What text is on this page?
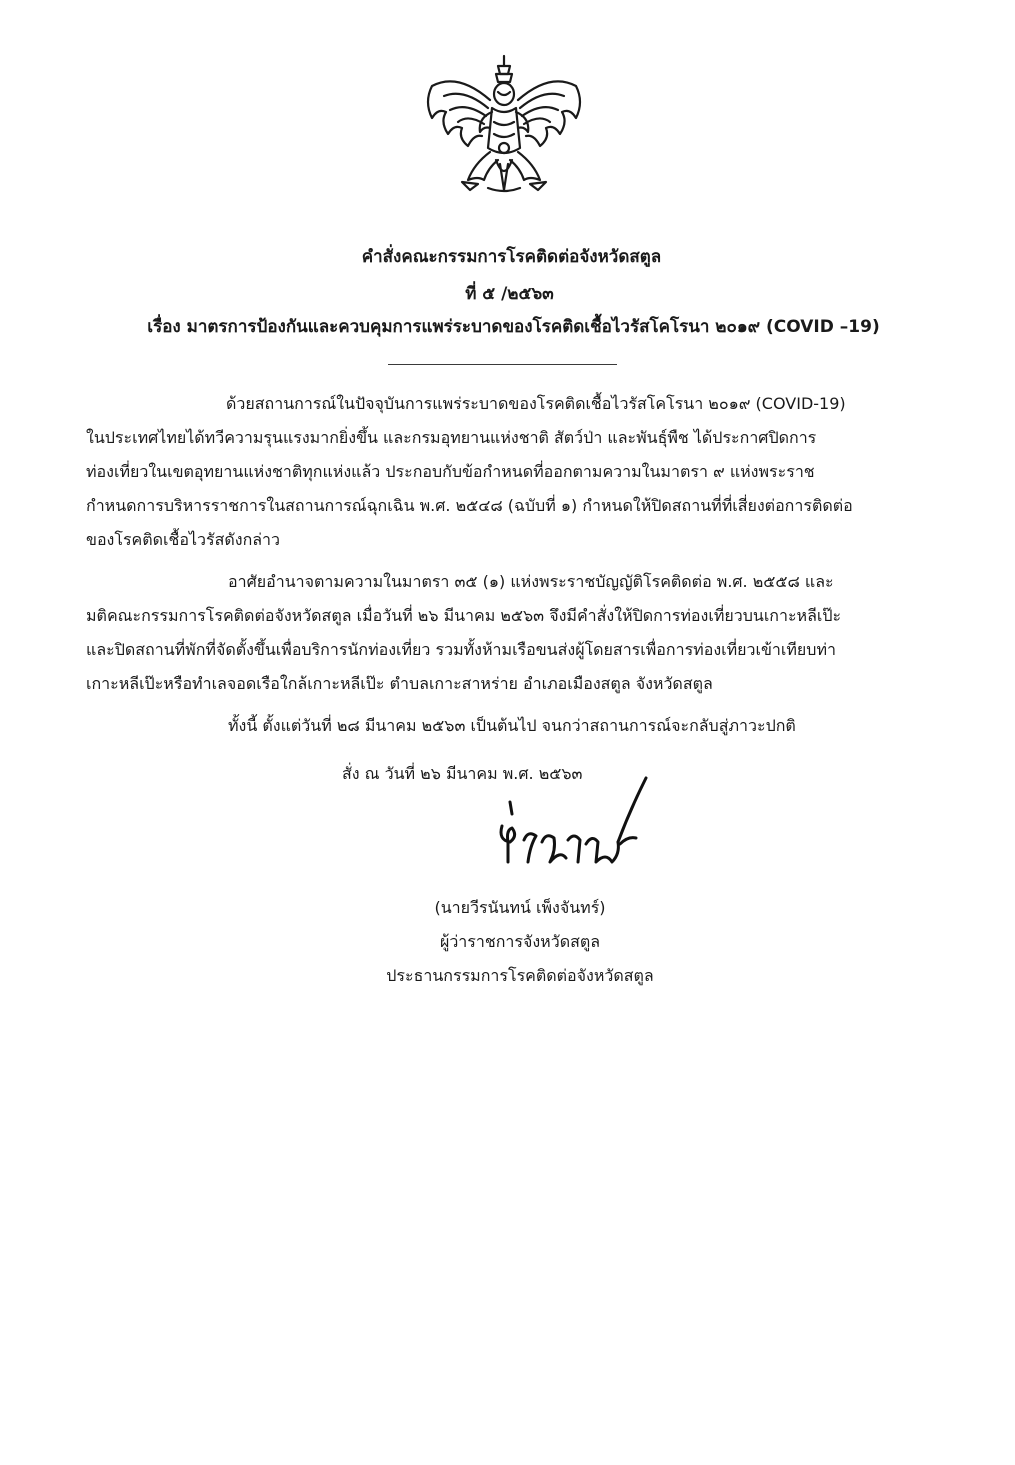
คำสั่งคณะกรรมการโรคติดต่อจังหวัดสตูล
ที่ ๕ /๒๕๖๓
เรื่อง มาตรการป้องกันและควบคุมการแพร่ระบาดของโรคติดเชื้อไวรัสโคโรนา ๒๐๑๙ (COVID –19)
ด้วยสถานการณ์ในปัจจุบันการแพร่ระบาดของโรคติดเชื้อไวรัสโคโรนา ๒๐๑๙ (COVID-19)
ในประเทศไทยได้ทวีความรุนแรงมากยิ่งขึ้น และกรมอุทยานแห่งชาติ สัตว์ป่า และพันธุ์พืช ได้ประกาศปิดการ
ท่องเที่ยวในเขตอุทยานแห่งชาติทุกแห่งแล้ว ประกอบกับข้อกำหนดที่ออกตามความในมาตรา ๙ แห่งพระราช
กำหนดการบริหารราชการในสถานการณ์ฉุกเฉิน พ.ศ. ๒๕๔๘ (ฉบับที่ ๑) กำหนดให้ปิดสถานที่ที่เสี่ยงต่อการติดต่อ
ของโรคติดเชื้อไวรัสดังกล่าว
อาศัยอำนาจตามความในมาตรา ๓๕ (๑) แห่งพระราชบัญญัติโรคติดต่อ พ.ศ. ๒๕๕๘ และ
มติคณะกรรมการโรคติดต่อจังหวัดสตูล เมื่อวันที่ ๒๖ มีนาคม ๒๕๖๓ จึงมีคำสั่งให้ปิดการท่องเที่ยวบนเกาะหลีเป๊ะ
และปิดสถานที่พักที่จัดตั้งขึ้นเพื่อบริการนักท่องเที่ยว รวมทั้งห้ามเรือขนส่งผู้โดยสารเพื่อการท่องเที่ยวเข้าเทียบท่า
เกาะหลีเป๊ะหรือทำเลจอดเรือใกล้เกาะหลีเป๊ะ ตำบลเกาะสาหร่าย อำเภอเมืองสตูล จังหวัดสตูล
ทั้งนี้ ตั้งแต่วันที่ ๒๘ มีนาคม ๒๕๖๓ เป็นต้นไป จนกว่าสถานการณ์จะกลับสู่ภาวะปกติ
สั่ง ณ วันที่ ๒๖ มีนาคม พ.ศ. ๒๕๖๓
(นายวีรนันทน์ เพ็งจันทร์)
ผู้ว่าราชการจังหวัดสตูล
ประธานกรรมการโรคติดต่อจังหวัดสตูล
